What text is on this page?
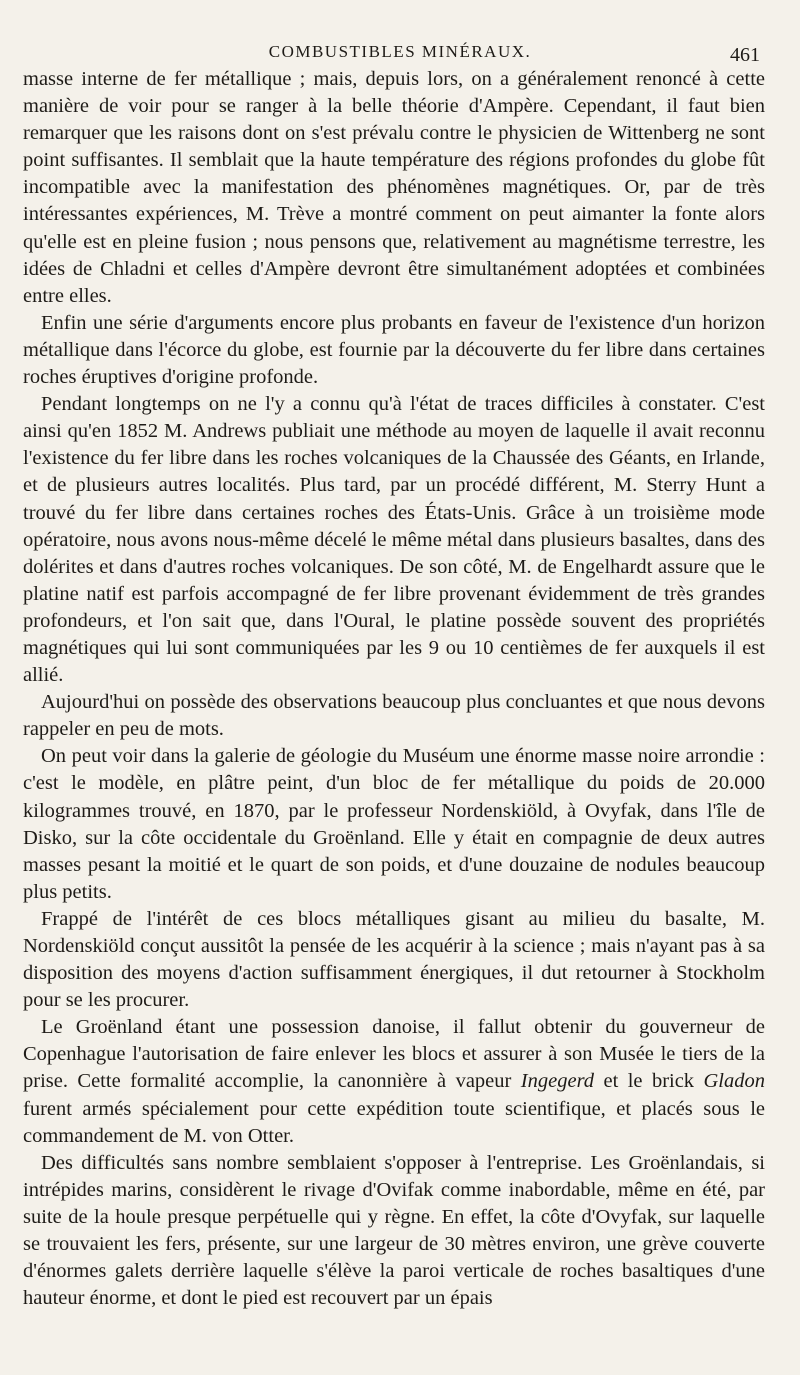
COMBUSTIBLES MINÉRAUX.	461

masse interne de fer métallique ; mais, depuis lors, on a généralement renoncé à cette manière de voir pour se ranger à la belle théorie d'Ampère. Cependant, il faut bien remarquer que les raisons dont on s'est prévalu contre le physicien de Wittenberg ne sont point suffisantes. Il semblait que la haute température des régions profondes du globe fût incompatible avec la manifestation des phénomènes magnétiques. Or, par de très intéressantes expériences, M. Trève a montré comment on peut aimanter la fonte alors qu'elle est en pleine fusion ; nous pensons que, relativement au magnétisme terrestre, les idées de Chladni et celles d'Ampère devront être simultanément adoptées et combinées entre elles.

Enfin une série d'arguments encore plus probants en faveur de l'existence d'un horizon métallique dans l'écorce du globe, est fournie par la découverte du fer libre dans certaines roches éruptives d'origine profonde.

Pendant longtemps on ne l'y a connu qu'à l'état de traces difficiles à constater. C'est ainsi qu'en 1852 M. Andrews publiait une méthode au moyen de laquelle il avait reconnu l'existence du fer libre dans les roches volcaniques de la Chaussée des Géants, en Irlande, et de plusieurs autres localités. Plus tard, par un procédé différent, M. Sterry Hunt a trouvé du fer libre dans certaines roches des États-Unis. Grâce à un troisième mode opératoire, nous avons nous-même décelé le même métal dans plusieurs basaltes, dans des dolérites et dans d'autres roches volcaniques. De son côté, M. de Engelhardt assure que le platine natif est parfois accompagné de fer libre provenant évidemment de très grandes profondeurs, et l'on sait que, dans l'Oural, le platine possède souvent des propriétés magnétiques qui lui sont communiquées par les 9 ou 10 centièmes de fer auxquels il est allié.

Aujourd'hui on possède des observations beaucoup plus concluantes et que nous devons rappeler en peu de mots.

On peut voir dans la galerie de géologie du Muséum une énorme masse noire arrondie : c'est le modèle, en plâtre peint, d'un bloc de fer métallique du poids de 20.000 kilogrammes trouvé, en 1870, par le professeur Nordenskiöld, à Ovyfak, dans l'île de Disko, sur la côte occidentale du Groënland. Elle y était en compagnie de deux autres masses pesant la moitié et le quart de son poids, et d'une douzaine de nodules beaucoup plus petits.

Frappé de l'intérêt de ces blocs métalliques gisant au milieu du basalte, M. Nordenskiöld conçut aussitôt la pensée de les acquérir à la science ; mais n'ayant pas à sa disposition des moyens d'action suffisamment énergiques, il dut retourner à Stockholm pour se les procurer.

Le Groënland étant une possession danoise, il fallut obtenir du gouverneur de Copenhague l'autorisation de faire enlever les blocs et assurer à son Musée le tiers de la prise. Cette formalité accomplie, la canonnière à vapeur Ingegerd et le brick Gladon furent armés spécialement pour cette expédition toute scientifique, et placés sous le commandement de M. von Otter.

Des difficultés sans nombre semblaient s'opposer à l'entreprise. Les Groënlandais, si intrépides marins, considèrent le rivage d'Ovifak comme inabordable, même en été, par suite de la houle presque perpétuelle qui y règne. En effet, la côte d'Ovyfak, sur laquelle se trouvaient les fers, présente, sur une largeur de 30 mètres environ, une grève couverte d'énormes galets derrière laquelle s'élève la paroi verticale de roches basaltiques d'une hauteur énorme, et dont le pied est recouvert par un épais
